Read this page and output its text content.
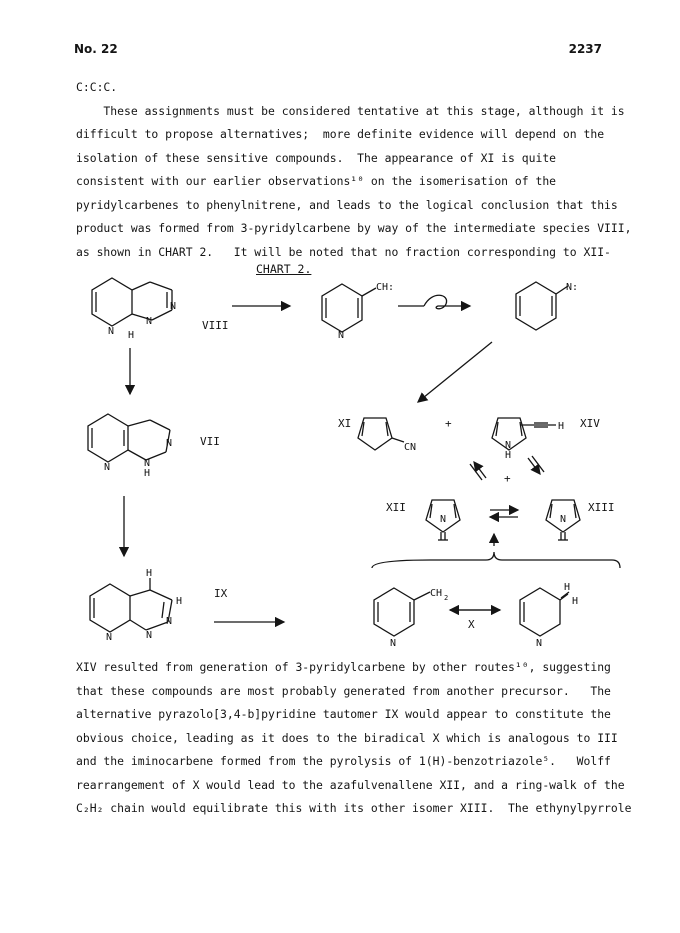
No. 22	2237
C:C:C.
These assignments must be considered tentative at this stage, although it is
difficult to propose alternatives;  more definite evidence will depend on the
isolation of these sensitive compounds.  The appearance of XI is quite
consistent with our earlier observations¹⁰ on the isomerisation of the
pyridylcarbenes to phenylnitrene, and leads to the logical conclusion that this
product was formed from 3-pyridylcarbene by way of the intermediate species VIII,
as shown in CHART 2.   It will be noted that no fraction corresponding to XII-
CHART 2.
N H
N
N
N
N
N
H
N	N
N
H
H
N
CH:	N:
CN	N
H
H
N	N
N
CH 2
N
H
H
VIII
VII
IX
XI	+	XIV
+
XII	XIII
X
XIV resulted from generation of 3-pyridylcarbene by other routes¹⁰, suggesting
that these compounds are most probably generated from another precursor.   The
alternative pyrazolo[3,4-b]pyridine tautomer IX would appear to constitute the
obvious choice, leading as it does to the biradical X which is analogous to III
and the iminocarbene formed from the pyrolysis of 1(H)-benzotriazole⁵.   Wolff
rearrangement of X would lead to the azafulvenallene XII, and a ring-walk of the
C₂H₂ chain would equilibrate this with its other isomer XIII.  The ethynylpyrrole
